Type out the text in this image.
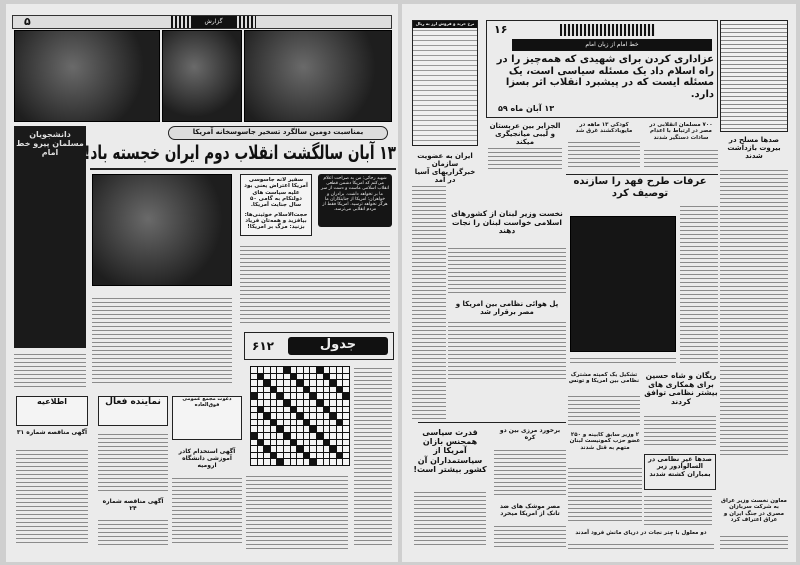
۵	گزارش
بمناسبت دومین سالگرد تسخیر جاسوسخانه آمریکا
۱۳ آبان سالگشت انقلاب دوم ایران خجسته باد!
دانشجویان مسلمان پیرو خط امام
سفیر لانه جاسوسی آمریکا اعتراض یعنی بود علیه سیاست های دولتکام به گامی ۵۰ سال جنایت آمریکا.
حجت‌الاسلام خوئینی‌ها: بیافزید و همه‌تان فریاد بزنید: مرگ بر امریکا!
شهید رجائی: من به صراحت اعلام می‌کنم که امریکا دشمن قطعی انقلاب اسلامی ماست و دست از سر ما بر نخواهد داشت. برادران و خواهران: امریکا از جنایتکاران ما هرگز نخواهد ترسید. امریکا فقط از مردم انقلابی می‌ترسد.
جدول
۶۱۲
اطلاعیه	نماینده فعال	دعوت مجمع عمومی فوق‌العاده
آگهی مناقصه شماره ۲۴
آگهی استخدام کادر آموزشی دانشگاه ارومیه
آگهی مناقصه شماره ۳۱
نرخ خرید و فروش ارز به ریال ۱۶
خط امام از زبان امام
عزاداری کردن برای شهیدی که همه‌چیز را در راه اسلام داد یک مسئله سیاسی است، یک مسئله ایست که در پیشبرد انقلاب اثر بسزا دارد.
۱۳ آبان ماه ۵۹
صدها مسلح در بیروت بازداشت شدند
الجزایر بین عربستان و لیبی میانجیگری میکند
کودکی ۱۳ ماهه در مایوبادکشند غرق شد
۷۰۰ مسلمان انقلابی در مصر در ارتباط با اعدام سادات دستگیر شدند
ایران به عضویت سازمان خبرگزاریهای آسیا در آمد	عرفات طرح فهد را سازنده توصیف کرد
نخست وزیر لبنان از کشورهای اسلامی خواست لبنان را نجات دهند
پل هوائی نظامی بین امریکا و مصر برقرار شد
تشکیل یک کمیته مشترک نظامی بین امریکا و تونس
ریگان و شاه حسین برای همکاری های بیشتر نظامی توافق کردند
قدرت سیاسی همجنس بازان آمریکا از سیاستمداران آن کشور بیشتر است!
برخورد مرزی بین دو کره
مصر موشک های ضد تانک از امریکا میخرد
۲ وزیر سابق کابینه و ۲۵۰ عضو حزب کمونیست لبنان متهم به قتل شدند
صدها غیر نظامی در السالوادور زیر بمباران کشته شدند
معاون نخست وزیر عراق به شرکت سربازان مصری در جنگ ایران و عراق اعتراف کرد
دو معلول با چتر نجات در دریای مانش فرود آمدند
